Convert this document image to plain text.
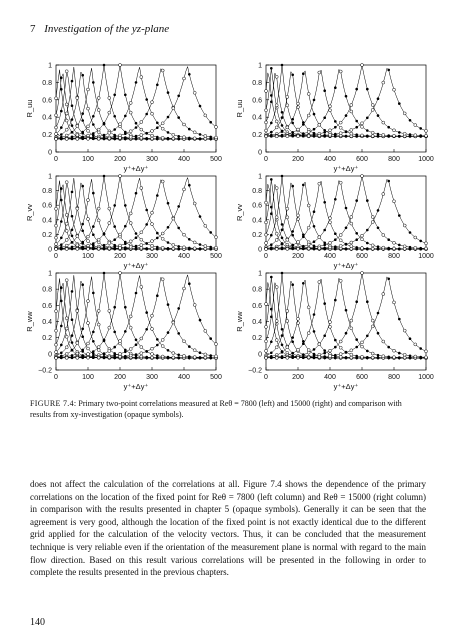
7 Investigation of the yz-plane
0
0.2
0.4
0.6
0.8
1
0	100	200	300	400	500
y⁺+Δy⁺
R_uu
0
0.2
0.4
0.6
0.8
1
0	200	400	600	800	1000
y⁺+Δy⁺
R_uu
0
0.2
0.4
0.6
0.8
1
0	100	200	300	400	500
y⁺+Δy⁺
R_vv
0
0.2
0.4
0.6
0.8
1
0	200	400	600	800	1000
y⁺+Δy⁺
R_vv
−0.2
0
0.2
0.4
0.6
0.8
1
0	100	200	300	400	500
y⁺+Δy⁺
R_ww
−0.2
0
0.2
0.4
0.6
0.8
1
0	200	400	600	800	1000
y⁺+Δy⁺
R_ww
FIGURE 7.4: Primary two-point correlations measured at Reθ = 7800 (left) and 15000 (right) and comparison with results from xy-investigation (opaque symbols).
does not affect the calculation of the correlations at all. Figure 7.4 shows the dependence of the primary correlations on the location of the fixed point for Reθ = 7800 (left column) and Reθ = 15000 (right column) in comparison with the results presented in chapter 5 (opaque symbols). Generally it can be seen that the agreement is very good, although the location of the fixed point is not exactly identical due to the different grid applied for the calculation of the velocity vectors. Thus, it can be concluded that the measurement technique is very reliable even if the orientation of the measurement plane is normal with regard to the main flow direction. Based on this result various correlations will be presented in the following in order to complete the results presented in the previous chapters.
140
